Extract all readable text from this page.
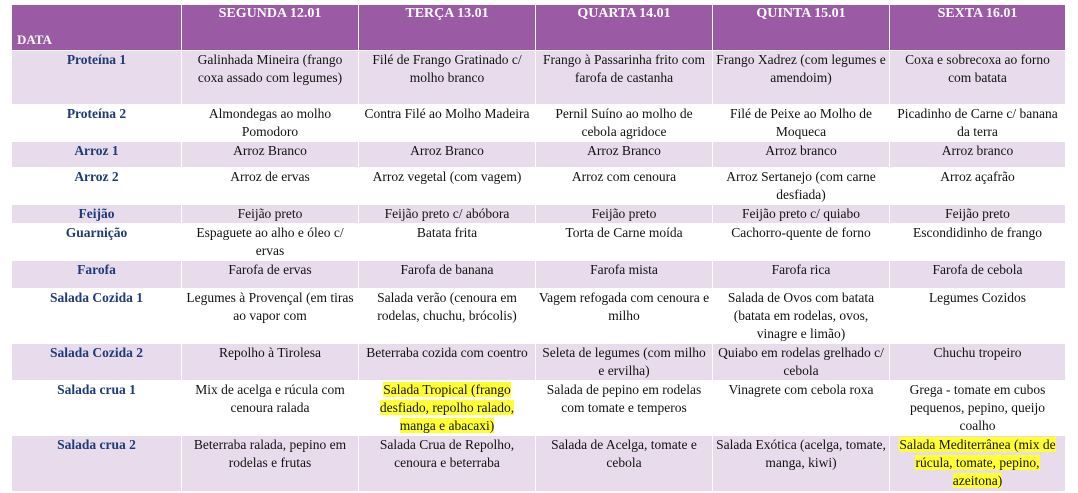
DATA	SEGUNDA 12.01	TERÇA 13.01	QUARTA 14.01	QUINTA 15.01	SEXTA 16.01
Proteína 1	Galinhada Mineira (frango coxa assado com legumes)	Filé de Frango Gratinado c/ molho branco	Frango à Passarinha frito com farofa de castanha	Frango Xadrez (com legumes e amendoim)	Coxa e sobrecoxa ao forno com batata
Proteína 2	Almondegas ao molho Pomodoro	Contra Filé ao Molho Madeira	Pernil Suíno ao molho de cebola agridoce	Filé de Peixe ao Molho de Moqueca	Picadinho de Carne c/ banana da terra
Arroz 1	Arroz Branco	Arroz Branco	Arroz Branco	Arroz branco	Arroz branco
Arroz 2	Arroz de ervas	Arroz vegetal (com vagem)	Arroz com cenoura	Arroz Sertanejo (com carne desfiada)	Arroz açafrão
Feijão	Feijão preto	Feijão preto c/ abóbora	Feijão preto	Feijão preto c/ quiabo	Feijão preto
Guarnição	Espaguete ao alho e óleo c/ ervas	Batata frita	Torta de Carne moída	Cachorro-quente de forno	Escondidinho de frango
Farofa	Farofa de ervas	Farofa de banana	Farofa mista	Farofa rica	Farofa de cebola
Salada Cozida 1	Legumes à Provençal (em tiras ao vapor com	Salada verão (cenoura em rodelas, chuchu, brócolis)	Vagem refogada com cenoura e milho	Salada de Ovos com batata (batata em rodelas, ovos, vinagre e limão)	Legumes Cozidos
Salada Cozida 2	Repolho à Tirolesa	Beterraba cozida com coentro	Seleta de legumes (com milho e ervilha)	Quiabo em rodelas grelhado c/ cebola	Chuchu tropeiro
Salada crua 1	Mix de acelga e rúcula com cenoura ralada	Salada Tropical (frango desfiado, repolho ralado, manga e abacaxi)	Salada de pepino em rodelas com tomate e temperos	Vinagrete com cebola roxa	Grega - tomate em cubos pequenos, pepino, queijo coalho
Salada crua 2	Beterraba ralada, pepino em rodelas e frutas	Salada Crua de Repolho, cenoura e beterraba	Salada de Acelga, tomate e cebola	Salada Exótica (acelga, tomate, manga, kiwi)	Salada Mediterrânea (mix de rúcula, tomate, pepino, azeitona)
